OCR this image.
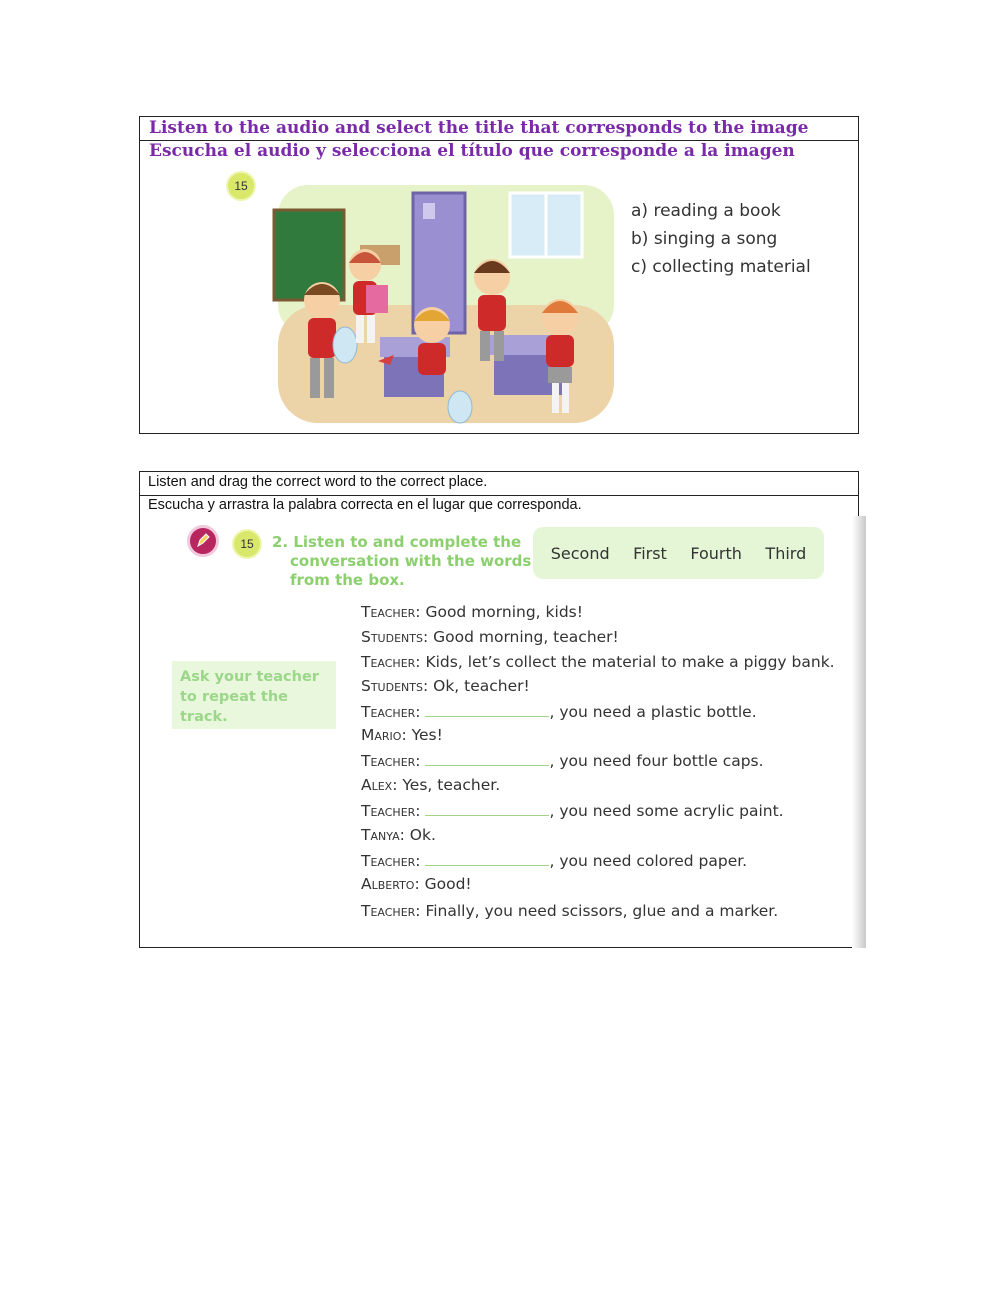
Listen to the audio and select the title that corresponds to the image
Escucha el audio y selecciona el título que corresponde a la imagen
15
a) reading a book
b) singing a song
c) collecting material
Listen and drag the correct word to the correct place.
Escucha y arrastra la palabra correcta en el lugar que corresponda.
15 2. Listen to and complete the
conversation with the words
from the box.
Second First Fourth Third
Ask your teacher
to repeat the track.
Teacher: Good morning, kids!
Students: Good morning, teacher!
Teacher: Kids, let’s collect the material to make a piggy bank.
Students: Ok, teacher!
Teacher:	, you need a plastic bottle.
Mario: Yes!
Teacher:	, you need four bottle caps.
Alex: Yes, teacher.
Teacher:	, you need some acrylic paint.
Tanya: Ok.
Teacher:	, you need colored paper.
Alberto: Good!
Teacher: Finally, you need scissors, glue and a marker.
